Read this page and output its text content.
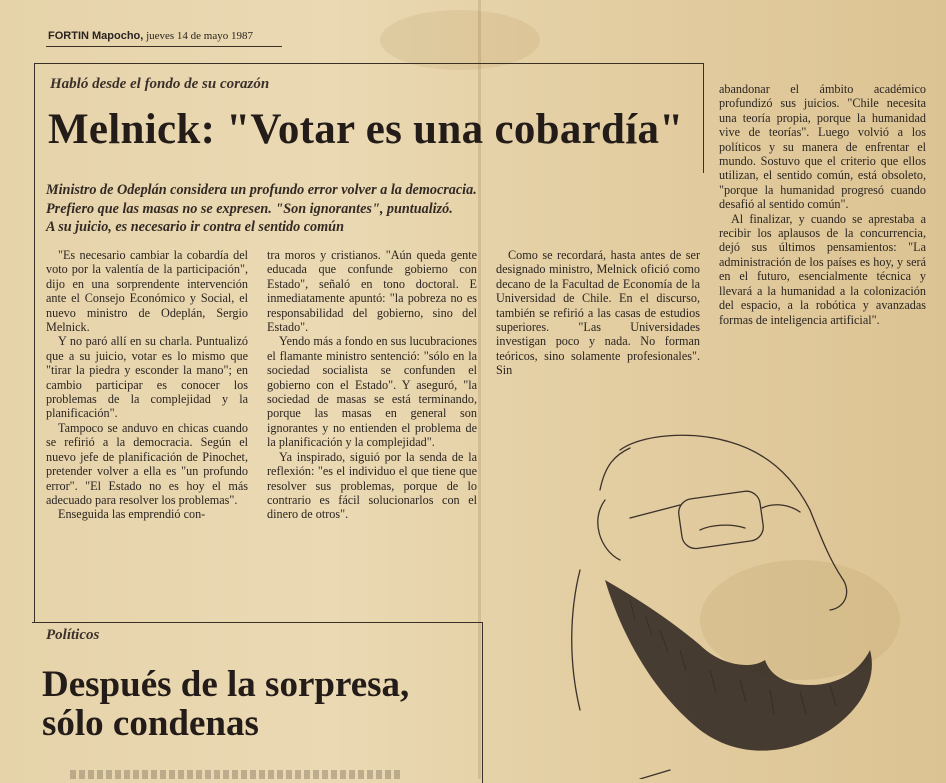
FORTIN Mapocho, jueves 14 de mayo 1987
Habló desde el fondo de su corazón
Melnick: "Votar es una cobardía"
Ministro de Odeplán considera un profundo error volver a la democracia.
Prefiero que las masas no se expresen. "Son ignorantes", puntualizó.
A su juicio, es necesario ir contra el sentido común

"Es necesario cambiar la cobardía del voto por la valentía de la participación", dijo en una sorprendente intervención ante el Consejo Económico y Social, el nuevo ministro de Odeplán, Sergio Melnick.

Y no paró allí en su charla. Puntualizó que a su juicio, votar es lo mismo que "tirar la piedra y esconder la mano"; en cambio participar es conocer los problemas de la complejidad y la planificación".

Tampoco se anduvo en chicas cuando se refirió a la democracia. Según el nuevo jefe de planificación de Pinochet, pretender volver a ella es "un profundo error". "El Estado no es hoy el más adecuado para resolver los problemas".

Enseguida las emprendió con-

tra moros y cristianos. "Aún queda gente educada que confunde gobierno con Estado", señaló en tono doctoral. E inmediatamente apuntó: "la pobreza no es responsabilidad del gobierno, sino del Estado".

Yendo más a fondo en sus lucubraciones el flamante ministro sentenció: "sólo en la sociedad socialista se confunden el gobierno con el Estado". Y aseguró, "la sociedad de masas se está terminando, porque las masas en general son ignorantes y no entienden el problema de la planificación y la complejidad".

Ya inspirado, siguió por la senda de la reflexión: "es el individuo el que tiene que resolver sus problemas, porque de lo contrario es fácil solucionarlos con el dinero de otros".

Como se recordará, hasta antes de ser designado ministro, Melnick ofició como decano de la Facultad de Economía de la Universidad de Chile. En el discurso, también se refirió a las casas de estudios superiores. "Las Universidades investigan poco y nada. No forman teóricos, sino solamente profesionales". Sin

abandonar el ámbito académico profundizó sus juicios. "Chile necesita una teoría propia, porque la humanidad vive de teorías". Luego volvió a los políticos y su manera de enfrentar el mundo. Sostuvo que el criterio que ellos utilizan, el sentido común, está obsoleto, "porque la humanidad progresó cuando desafió al sentido común".

Al finalizar, y cuando se aprestaba a recibir los aplausos de la concurrencia, dejó sus últimos pensamientos: "La administración de los países es hoy, y será en el futuro, esencialmente técnica y llevará a la humanidad a la colonización del espacio, a la robótica y avanzadas formas de inteligencia artificial".

Políticos
Después de la sorpresa,
sólo condenas
